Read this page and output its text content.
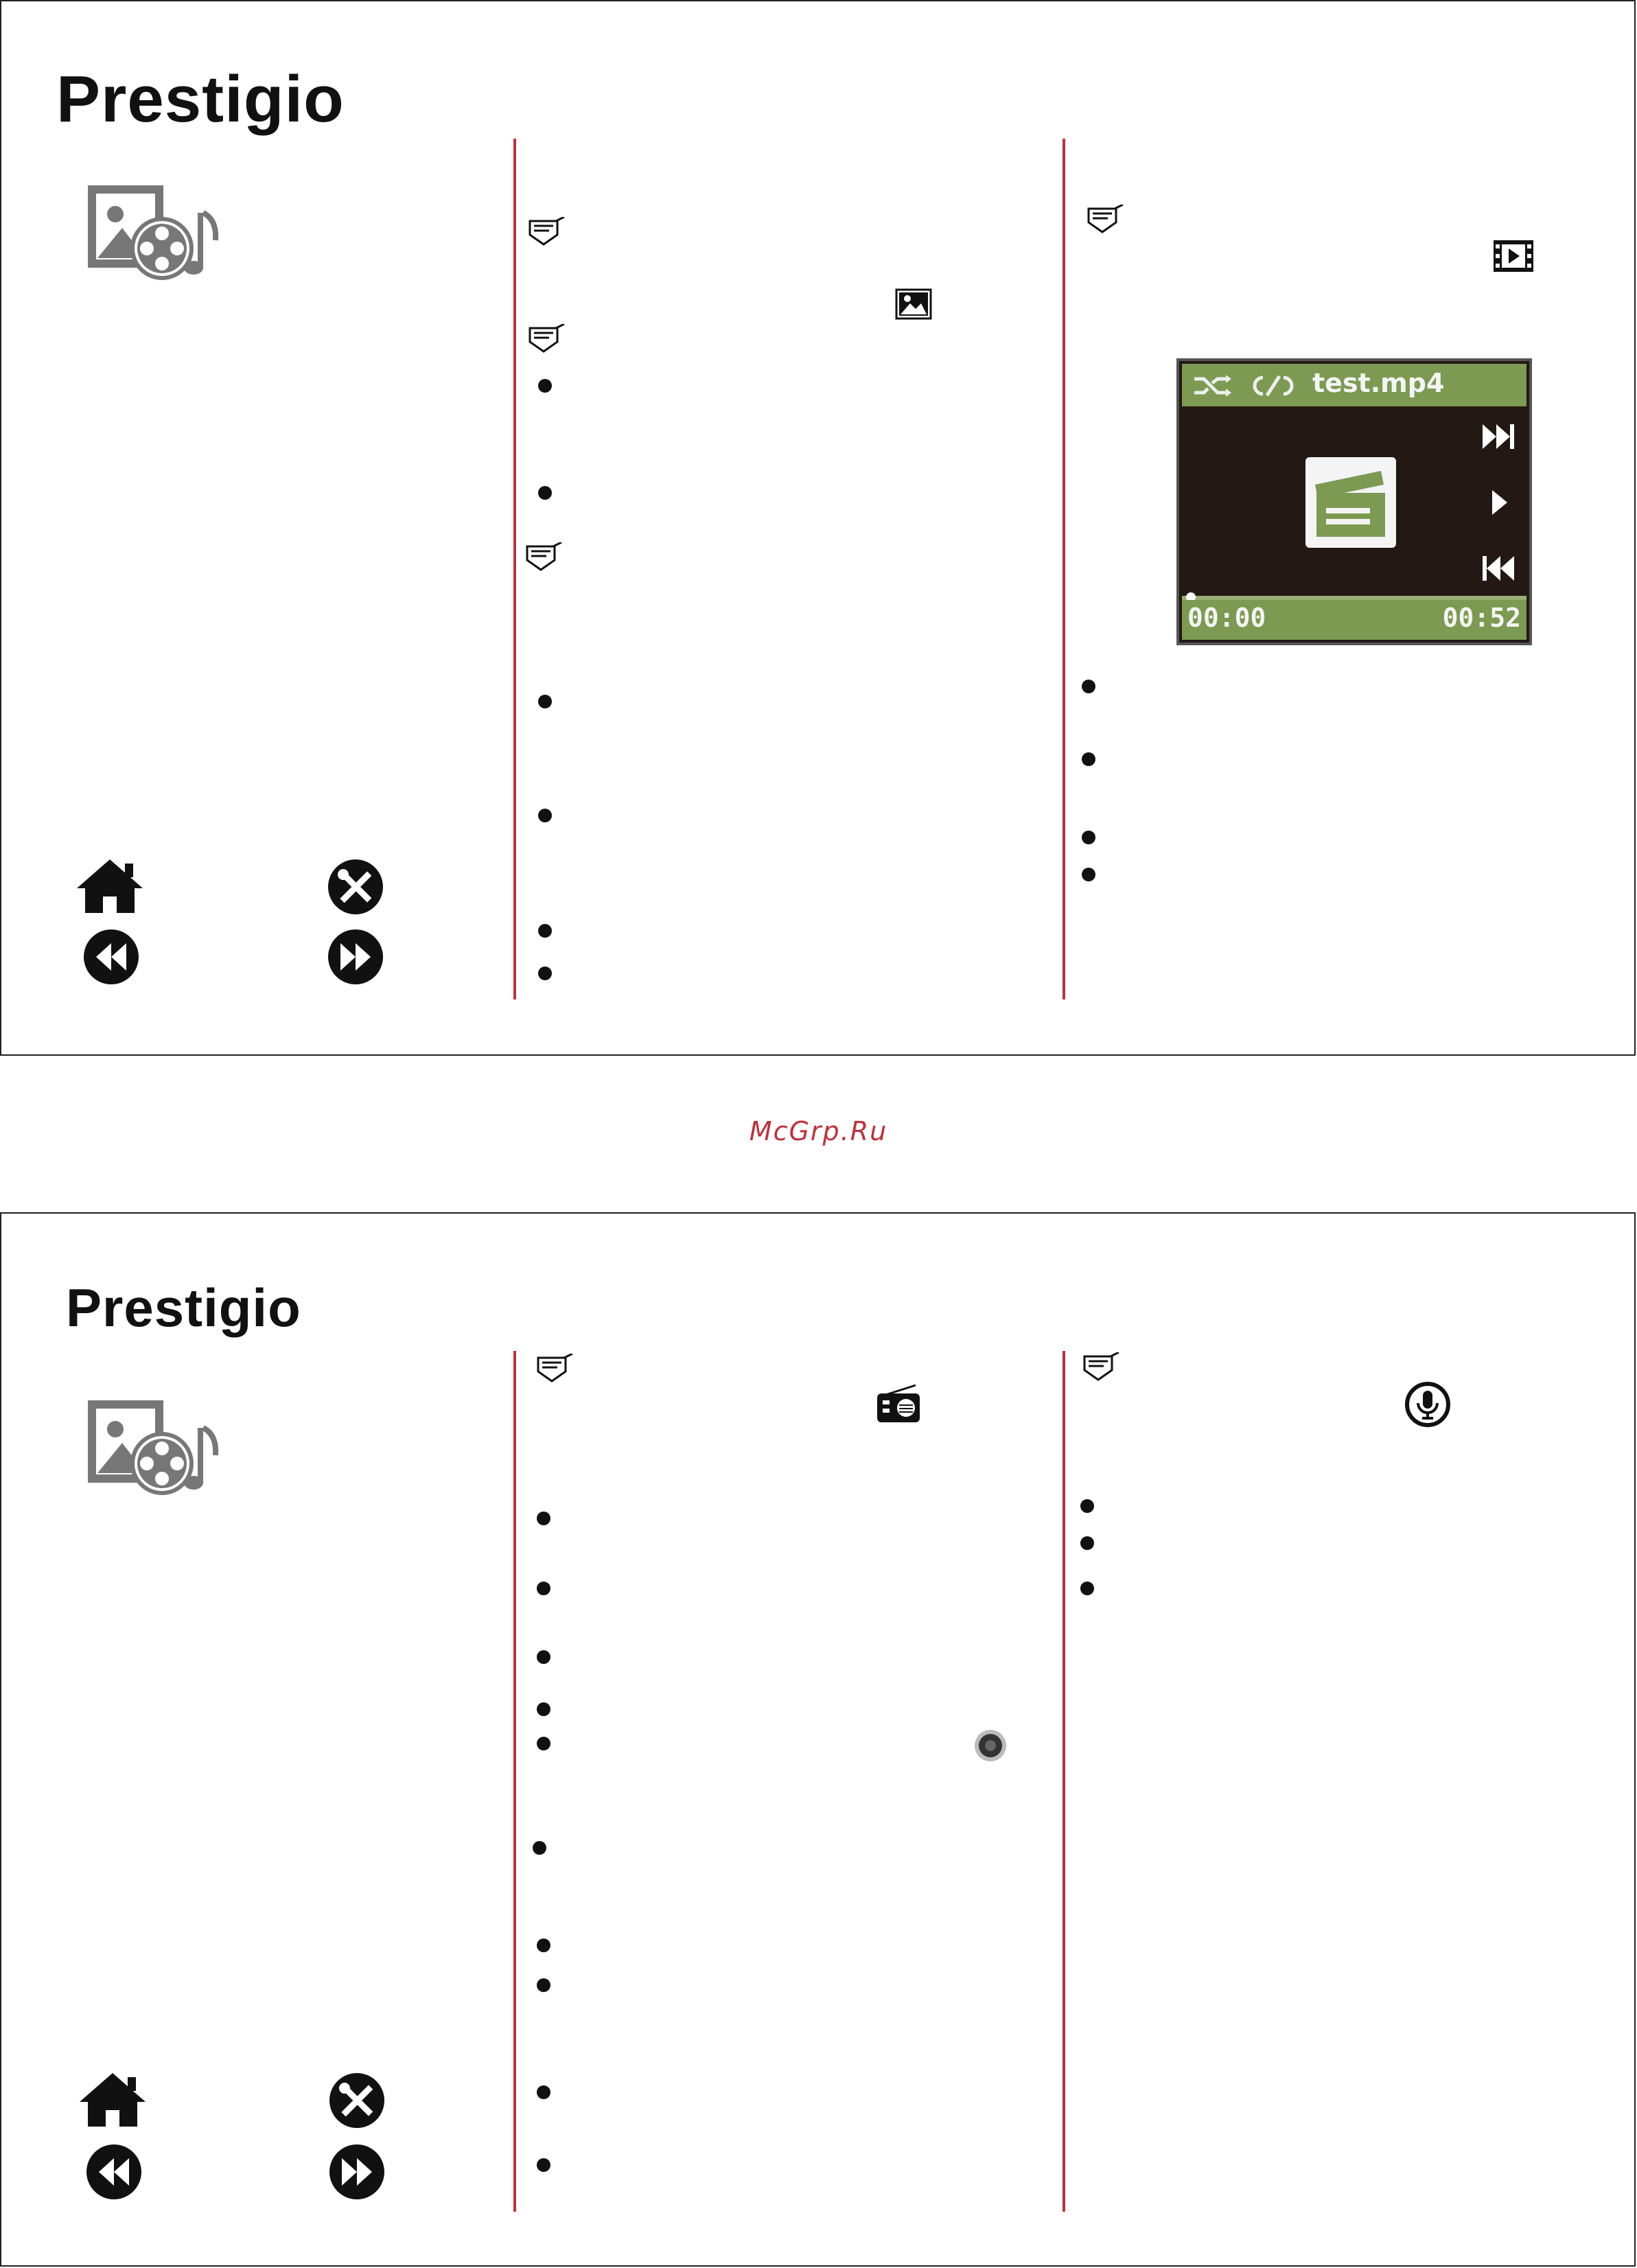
Prestigio
test.mp4
00:00	00:52
McGrp.Ru
Prestigio
